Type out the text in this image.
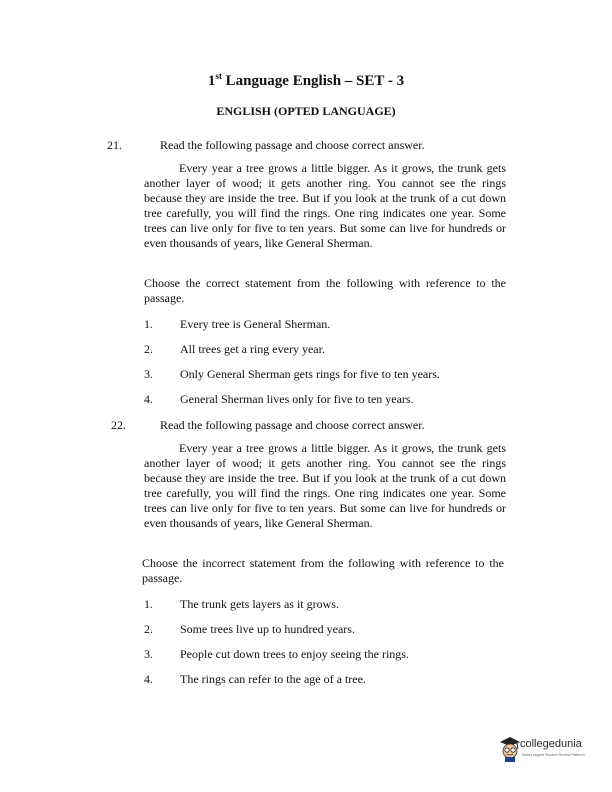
1st Language English – SET - 3
ENGLISH (OPTED LANGUAGE)
21.	Read the following passage and choose correct answer.
Every year a tree grows a little bigger. As it grows, the trunk gets another layer of wood; it gets another ring. You cannot see the rings because they are inside the tree. But if you look at the trunk of a cut down tree carefully, you will find the rings. One ring indicates one year. Some trees can live only for five to ten years. But some can live for hundreds or even thousands of years, like General Sherman.
Choose the correct statement from the following with reference to the passage.
1. Every tree is General Sherman.
2. All trees get a ring every year.
3. Only General Sherman gets rings for five to ten years.
4. General Sherman lives only for five to ten years.
22.	Read the following passage and choose correct answer.
Every year a tree grows a little bigger. As it grows, the trunk gets another layer of wood; it gets another ring. You cannot see the rings because they are inside the tree. But if you look at the trunk of a cut down tree carefully, you will find the rings. One ring indicates one year. Some trees can live only for five to ten years. But some can live for hundreds or even thousands of years, like General Sherman.
Choose the incorrect statement from the following with reference to the passage.
1. The trunk gets layers as it grows.
2. Some trees live up to hundred years.
3. People cut down trees to enjoy seeing the rings.
4. The rings can refer to the age of a tree.
collegedunia
India's largest Student Review Platform
